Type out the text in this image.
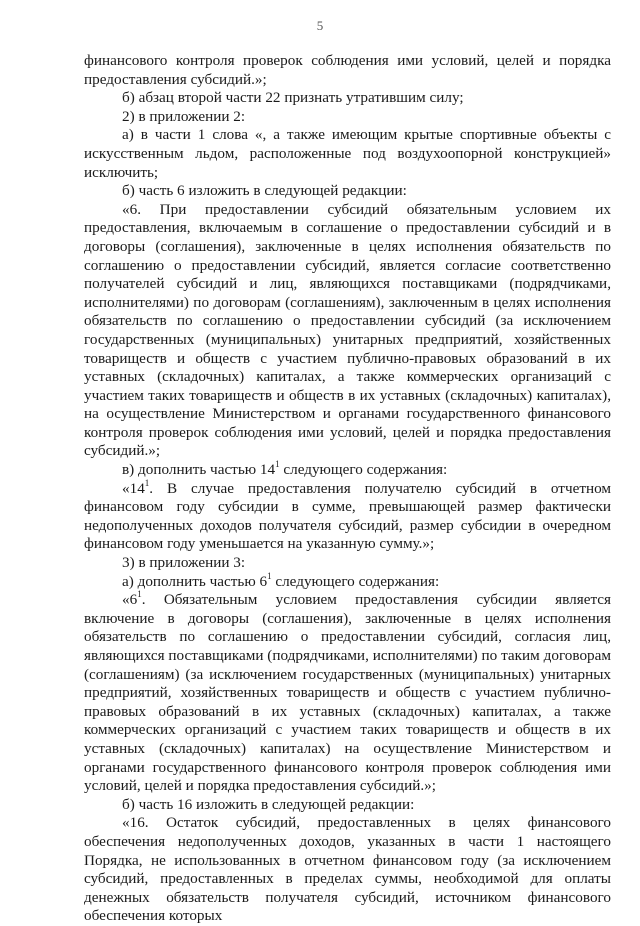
5

финансового контроля проверок соблюдения ими условий, целей и порядка предоставления субсидий.»;

б) абзац второй части 22 признать утратившим силу;

2) в приложении 2:

а) в части 1 слова «, а также имеющим крытые спортивные объекты с искусственным льдом, расположенные под воздухоопорной конструкцией» исключить;

б) часть 6 изложить в следующей редакции:

«6. При предоставлении субсидий обязательным условием их предоставления, включаемым в соглашение о предоставлении субсидий и в договоры (соглашения), заключенные в целях исполнения обязательств по соглашению о предоставлении субсидий, является согласие соответственно получателей субсидий и лиц, являющихся поставщиками (подрядчиками, исполнителями) по договорам (соглашениям), заключенным в целях исполнения обязательств по соглашению о предоставлении субсидий (за исключением государственных (муниципальных) унитарных предприятий, хозяйственных товариществ и обществ с участием публично-правовых образований в их уставных (складочных) капиталах, а также коммерческих организаций с участием таких товариществ и обществ в их уставных (складочных) капиталах), на осуществление Министерством и органами государственного финансового контроля проверок соблюдения ими условий, целей и порядка предоставления субсидий.»;

в) дополнить частью $14^1$ следующего содержания:

«$14^1$. В случае предоставления получателю субсидий в отчетном финансовом году субсидии в сумме, превышающей размер фактически недополученных доходов получателя субсидий, размер субсидии в очередном финансовом году уменьшается на указанную сумму.»;

3) в приложении 3:

а) дополнить частью $6^1$ следующего содержания:

«$6^1$. Обязательным условием предоставления субсидии является включение в договоры (соглашения), заключенные в целях исполнения обязательств по соглашению о предоставлении субсидий, согласия лиц, являющихся поставщиками (подрядчиками, исполнителями) по таким договорам (соглашениям) (за исключением государственных (муниципальных) унитарных предприятий, хозяйственных товариществ и обществ с участием публично-правовых образований в их уставных (складочных) капиталах, а также коммерческих организаций с участием таких товариществ и обществ в их уставных (складочных) капиталах) на осуществление Министерством и органами государственного финансового контроля проверок соблюдения ими условий, целей и порядка предоставления субсидий.»;

б) часть 16 изложить в следующей редакции:

«16. Остаток субсидий, предоставленных в целях финансового обеспечения недополученных доходов, указанных в части 1 настоящего Порядка, не использованных в отчетном финансовом году (за исключением субсидий, предоставленных в пределах суммы, необходимой для оплаты денежных обязательств получателя субсидий, источником финансового обеспечения которых
